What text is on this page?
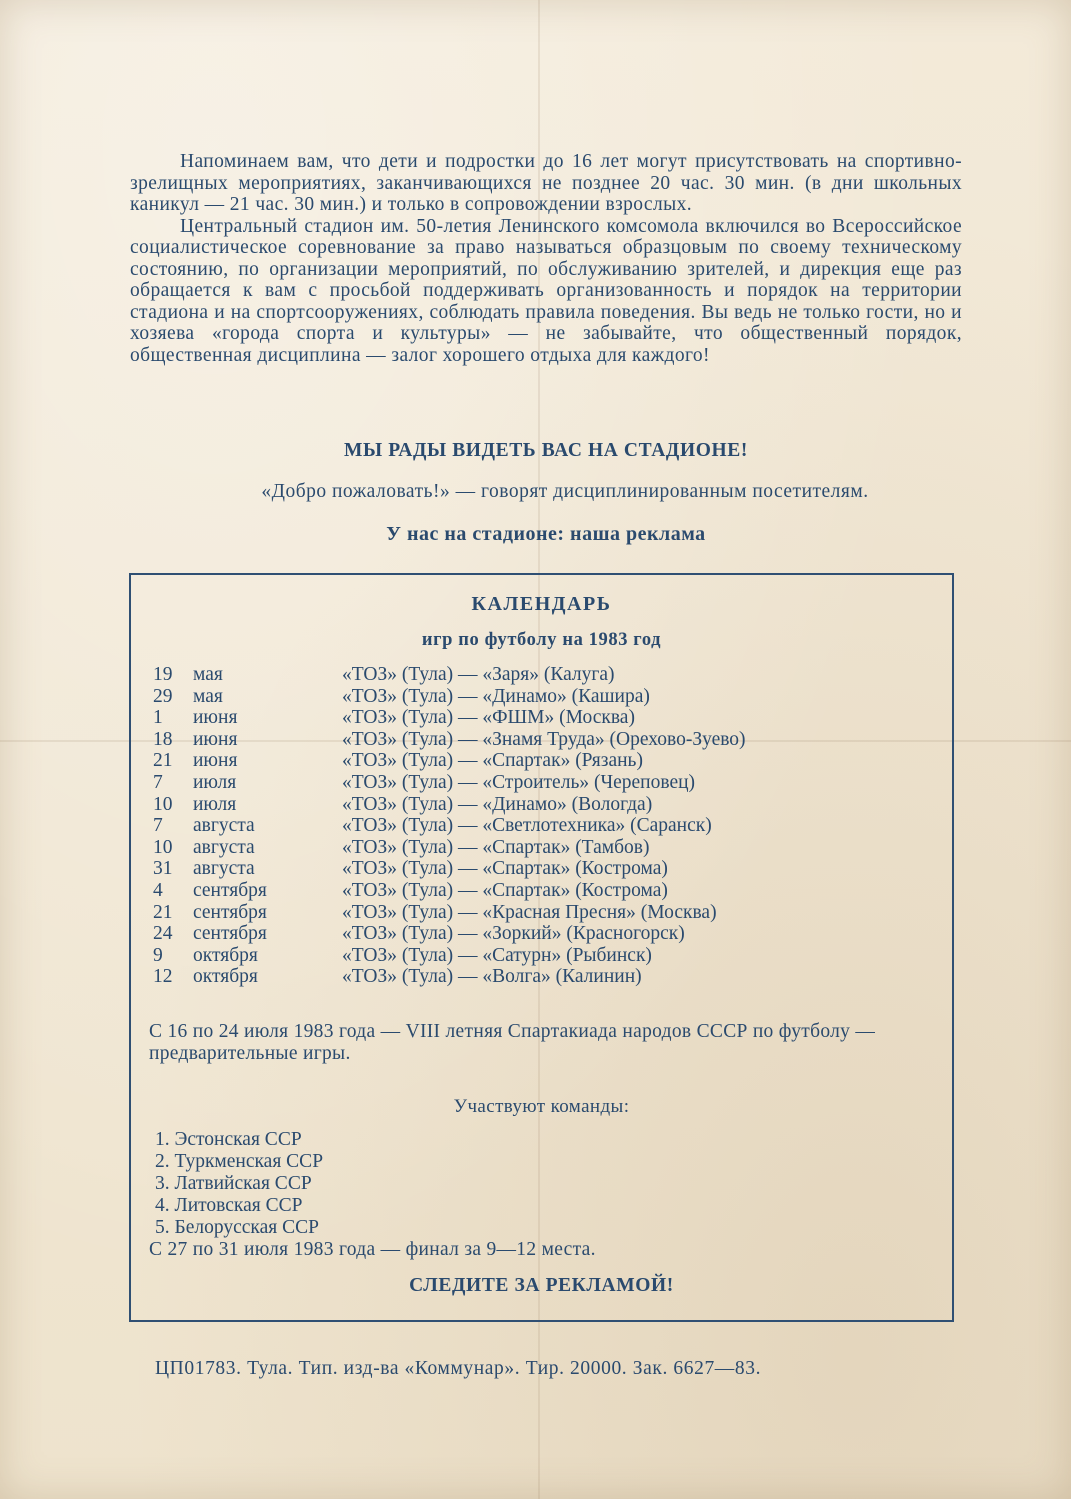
Напоминаем вам, что дети и подростки до 16 лет могут присутствовать на спортивно-зрелищных мероприятиях, заканчивающихся не позднее 20 час. 30 мин. (в дни школьных каникул — 21 час. 30 мин.) и только в сопровождении взрослых.

Центральный стадион им. 50-летия Ленинского комсомола включился во Всероссийское социалистическое соревнование за право называться образцовым по своему техническому состоянию, по организации мероприятий, по обслуживанию зрителей, и дирекция еще раз обращается к вам с просьбой поддерживать организованность и порядок на территории стадиона и на спортсооружениях, соблюдать правила поведения. Вы ведь не только гости, но и хозяева «города спорта и культуры» — не забывайте, что общественный порядок, общественная дисциплина — залог хорошего отдыха для каждого!

МЫ РАДЫ ВИДЕТЬ ВАС НА СТАДИОНЕ!
«Добро пожаловать!» — говорят дисциплинированным посетителям.
У нас на стадионе: наша реклама
КАЛЕНДАРЬ
игр по футболу на 1983 год
19 мая	«ТОЗ» (Тула) — «Заря» (Калуга)
29 мая	«ТОЗ» (Тула) — «Динамо» (Кашира)
1 июня	«ТОЗ» (Тула) — «ФШМ» (Москва)
18 июня	«ТОЗ» (Тула) — «Знамя Труда» (Орехово-Зуево)
21 июня	«ТОЗ» (Тула) — «Спартак» (Рязань)
7 июля	«ТОЗ» (Тула) — «Строитель» (Череповец)
10 июля	«ТОЗ» (Тула) — «Динамо» (Вологда)
7 августа	«ТОЗ» (Тула) — «Светлотехника» (Саранск)
10 августа	«ТОЗ» (Тула) — «Спартак» (Тамбов)
31 августа	«ТОЗ» (Тула) — «Спартак» (Кострома)
4 сентября	«ТОЗ» (Тула) — «Спартак» (Кострома)
21 сентября	«ТОЗ» (Тула) — «Красная Пресня» (Москва)
24 сентября	«ТОЗ» (Тула) — «Зоркий» (Красногорск)
9 октября	«ТОЗ» (Тула) — «Сатурн» (Рыбинск)
12 октября	«ТОЗ» (Тула) — «Волга» (Калинин)
С 16 по 24 июля 1983 года — VIII летняя Спартакиада народов СССР по футболу — предварительные игры.
Участвуют команды:
1. Эстонская ССР
2. Туркменская ССР
3. Латвийская ССР
4. Литовская ССР
5. Белорусская ССР
С 27 по 31 июля 1983 года — финал за 9—12 места.
СЛЕДИТЕ ЗА РЕКЛАМОЙ!
ЦП01783. Тула. Тип. изд-ва «Коммунар». Тир. 20000. Зак. 6627—83.
